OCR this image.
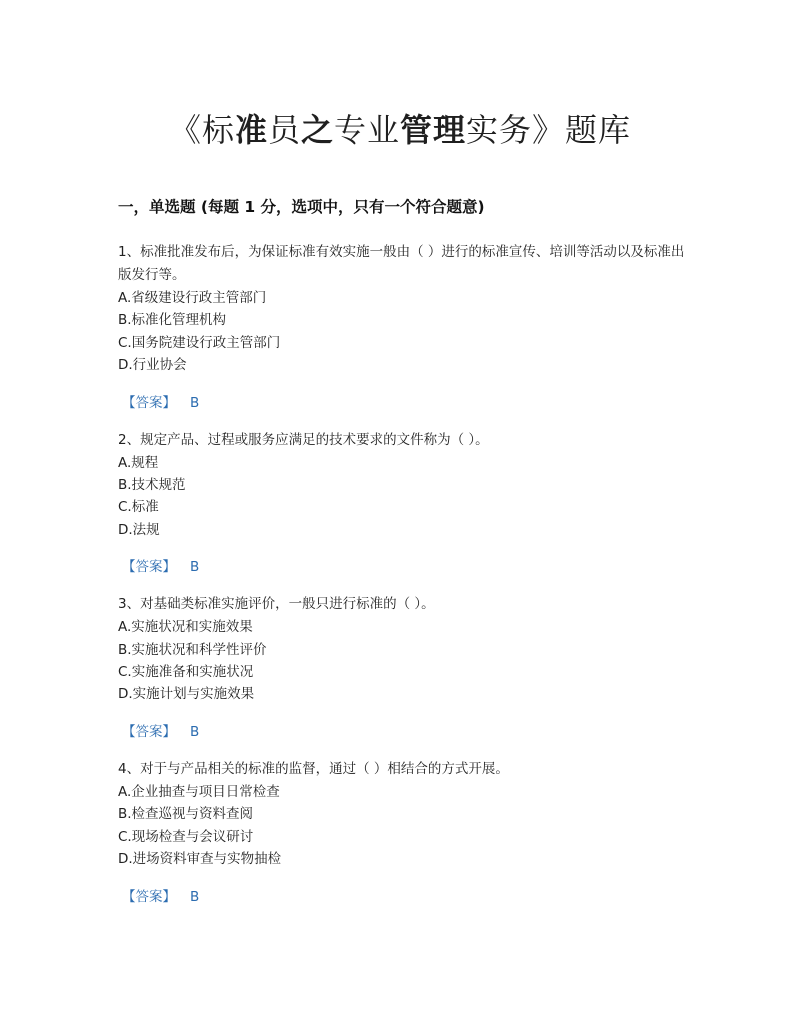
《标准员之专业管理实务》题库
一，单选题 (每题 1 分，选项中，只有一个符合题意)

1、标准批准发布后，为保证标准有效实施一般由（ ）进行的标准宣传、培训等活动以及标准出版发行等。

A.省级建设行政主管部门

B.标准化管理机构

C.国务院建设行政主管部门

D.行业协会

【答案】 B

2、规定产品、过程或服务应满足的技术要求的文件称为（ ）。

A.规程

B.技术规范

C.标准

D.法规

【答案】 B

3、对基础类标准实施评价，一般只进行标准的（ ）。

A.实施状况和实施效果

B.实施状况和科学性评价

C.实施准备和实施状况

D.实施计划与实施效果

【答案】 B

4、对于与产品相关的标准的监督，通过（ ）相结合的方式开展。

A.企业抽查与项目日常检查

B.检查巡视与资料查阅

C.现场检查与会议研讨

D.进场资料审查与实物抽检

【答案】 B
